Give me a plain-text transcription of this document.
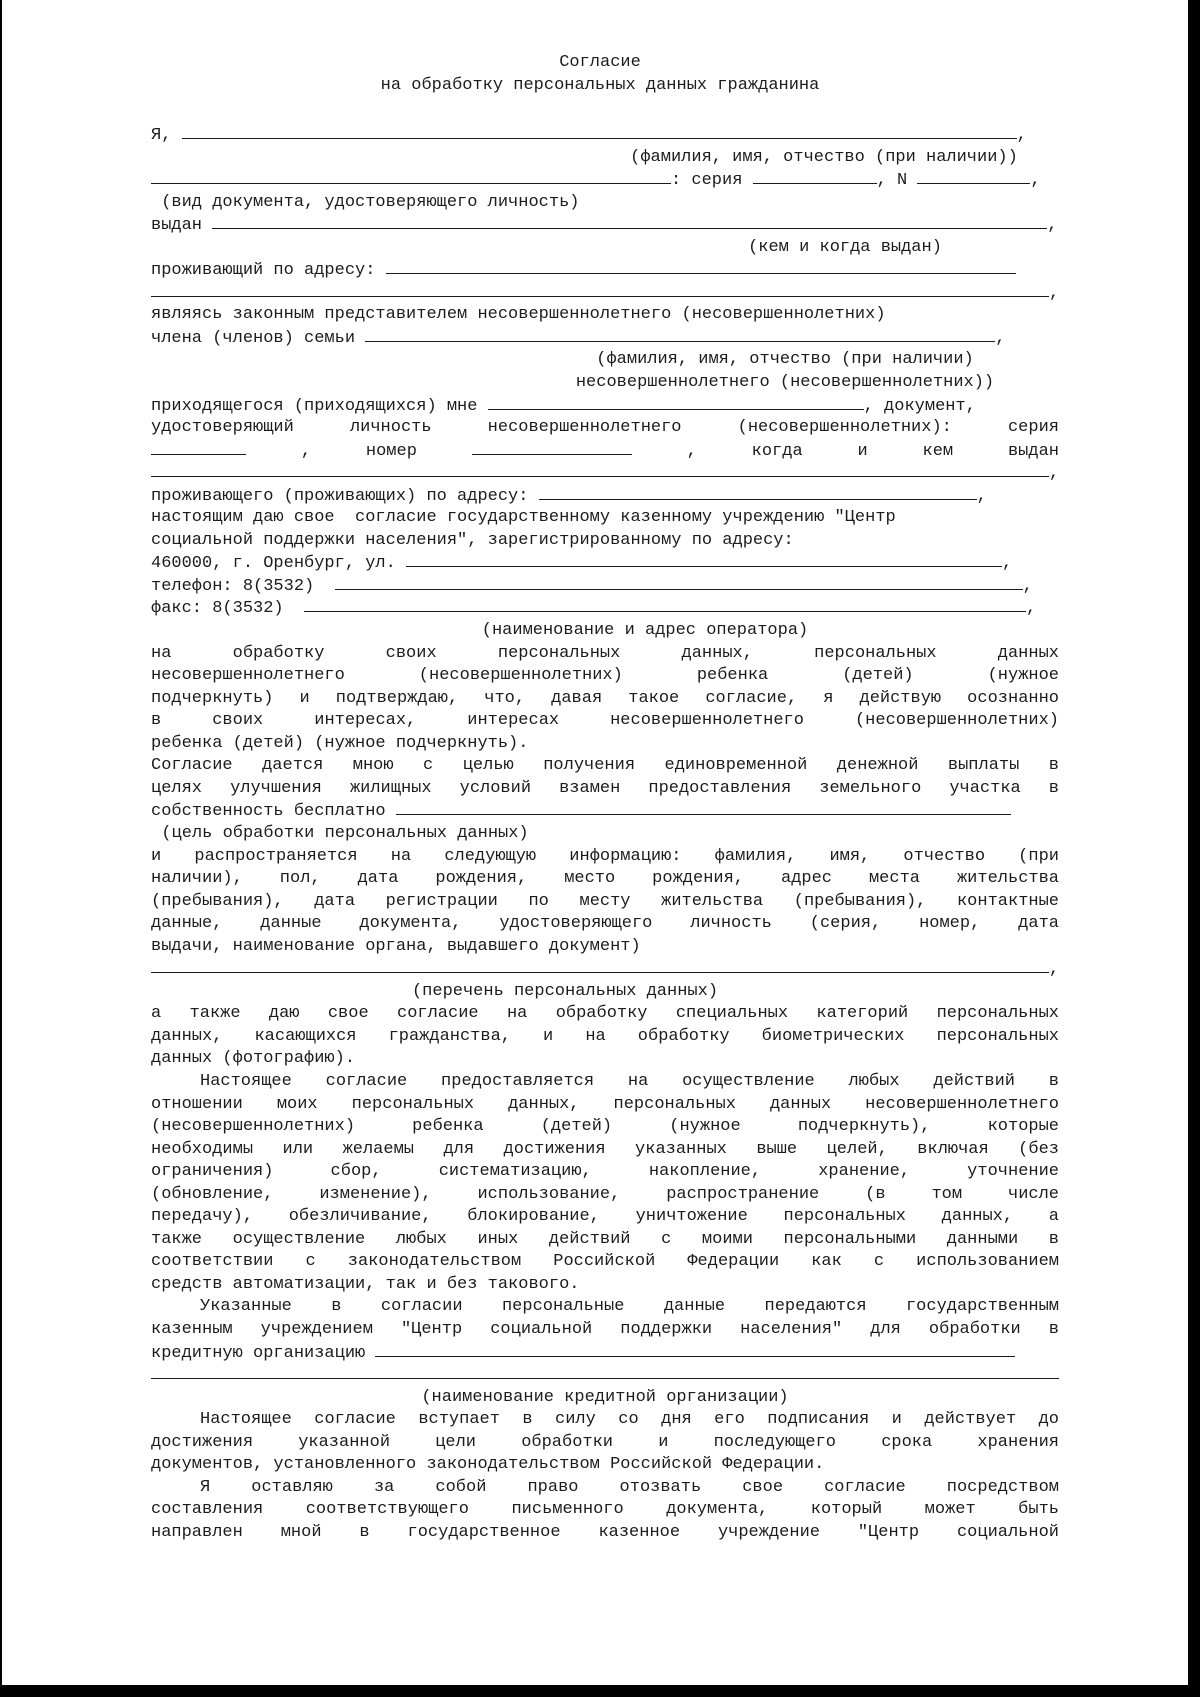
Согласие
на обработку персональных данных гражданина
Я,	,
(фамилия, имя, отчество (при наличии))
: серия	, N	,
(вид документа, удостоверяющего личность)
выдан	,
(кем и когда выдан)
проживающий по адресу:
,
являясь законным представителем несовершеннолетнего (несовершеннолетних)
члена (членов) семьи	,
(фамилия, имя, отчество (при наличии)
несовершеннолетнего (несовершеннолетних))
приходящегося (приходящихся) мне	, документ,
удостоверяющий личность несовершеннолетнего (несовершеннолетних): серия
, номер	, когда и кем выдан
,
проживающего (проживающих) по адресу:	,
настоящим даю свое  согласие государственному казенному учреждению "Центр
социальной поддержки населения", зарегистрированному по адресу:
460000, г. Оренбург, ул.	,
телефон: 8(3532)	,
факс: 8(3532)	,
(наименование и адрес оператора)
на обработку своих персональных данных, персональных данных
несовершеннолетнего (несовершеннолетних) ребенка (детей) (нужное
подчеркнуть) и подтверждаю, что, давая такое согласие, я действую осознанно
в своих интересах, интересах несовершеннолетнего (несовершеннолетних)
ребенка (детей) (нужное подчеркнуть).
Согласие дается мною с целью получения единовременной денежной выплаты в
целях улучшения жилищных условий взамен предоставления земельного участка в
собственность бесплатно
(цель обработки персональных данных)
и распространяется на следующую информацию: фамилия, имя, отчество (при
наличии), пол, дата рождения, место рождения, адрес места жительства
(пребывания), дата регистрации по месту жительства (пребывания), контактные
данные, данные документа, удостоверяющего личность (серия, номер, дата
выдачи, наименование органа, выдавшего документ)
,
(перечень персональных данных)
а также даю свое согласие на обработку специальных категорий персональных
данных, касающихся гражданства, и на обработку биометрических персональных
данных (фотографию).
Настоящее согласие предоставляется на осуществление любых действий в
отношении моих персональных данных, персональных данных несовершеннолетнего
(несовершеннолетних) ребенка (детей) (нужное подчеркнуть), которые
необходимы или желаемы для достижения указанных выше целей, включая (без
ограничения) сбор, систематизацию, накопление, хранение, уточнение
(обновление, изменение), использование, распространение (в том числе
передачу), обезличивание, блокирование, уничтожение персональных данных, а
также осуществление любых иных действий с моими персональными данными в
соответствии с законодательством Российской Федерации как с использованием
средств автоматизации, так и без такового.
Указанные в согласии персональные данные передаются государственным
казенным учреждением "Центр социальной поддержки населения" для обработки в
кредитную организацию
(наименование кредитной организации)
Настоящее согласие вступает в силу со дня его подписания и действует до
достижения указанной цели обработки и последующего срока хранения
документов, установленного законодательством Российской Федерации.
Я оставляю за собой право отозвать свое согласие посредством
составления соответствующего письменного документа, который может быть
направлен мной в государственное казенное учреждение "Центр социальной
